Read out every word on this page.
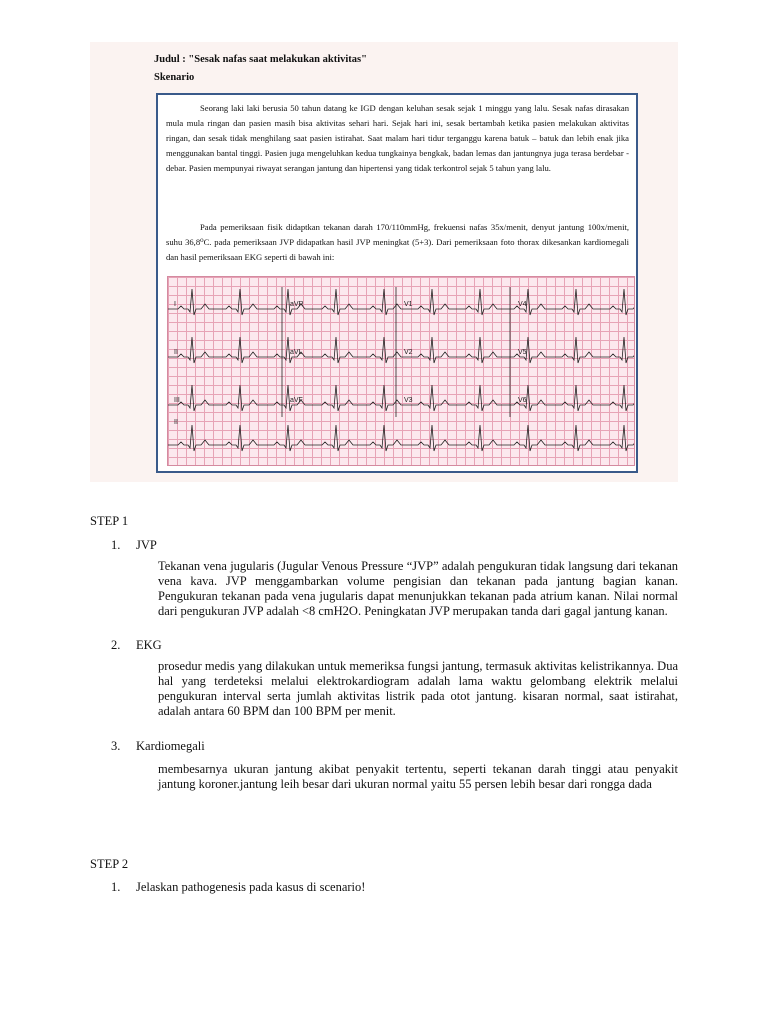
Judul : "Sesak nafas saat melakukan aktivitas"
Skenario

Seorang laki laki berusia 50 tahun datang ke IGD dengan keluhan sesak sejak 1 minggu yang lalu. Sesak nafas dirasakan mula mula ringan dan pasien masih bisa aktivitas sehari hari. Sejak hari ini, sesak bertambah ketika pasien melakukan aktivitas ringan, dan sesak tidak menghilang saat pasien istirahat. Saat malam hari tidur terganggu karena batuk – batuk dan lebih enak jika menggunakan bantal tinggi. Pasien juga mengeluhkan kedua tungkainya bengkak, badan lemas dan jantungnya juga terasa berdebar - debar. Pasien mempunyai riwayat serangan jantung dan hipertensi yang tidak terkontrol sejak 5 tahun yang lalu.

Pada pemeriksaan fisik didaptkan tekanan darah 170/110mmHg, frekuensi nafas 35x/menit, denyut jantung 100x/menit, suhu 36,8⁰C. pada pemeriksaan JVP didapatkan hasil JVP meningkat (5+3). Dari pemeriksaan foto thorax dikesankan kardiomegali dan hasil pemeriksaan EKG seperti di bawah ini:

I	aVR	V1	V4
II	aVL	V2	V5
III	aVF	V3	V6
II
STEP 1
1. JVP

Tekanan vena jugularis (Jugular Venous Pressure “JVP” adalah pengukuran tidak langsung dari tekanan vena kava. JVP menggambarkan volume pengisian dan tekanan pada jantung bagian kanan. Pengukuran tekanan pada vena jugularis dapat menunjukkan tekanan pada atrium kanan. Nilai normal dari pengukuran JVP adalah <8 cmH2O. Peningkatan JVP merupakan tanda dari gagal jantung kanan.

2. EKG

prosedur medis yang dilakukan untuk memeriksa fungsi jantung, termasuk aktivitas kelistrikannya. Dua hal yang terdeteksi melalui elektrokardiogram adalah lama waktu gelombang elektrik melalui pengukuran interval serta jumlah aktivitas listrik pada otot jantung. kisaran normal, saat istirahat, adalah antara 60 BPM dan 100 BPM per menit.

3. Kardiomegali

membesarnya ukuran jantung akibat penyakit tertentu, seperti tekanan darah tinggi atau penyakit jantung koroner.jantung leih besar dari ukuran normal yaitu 55 persen lebih besar dari rongga dada

STEP 2
1. Jelaskan pathogenesis pada kasus di scenario!
